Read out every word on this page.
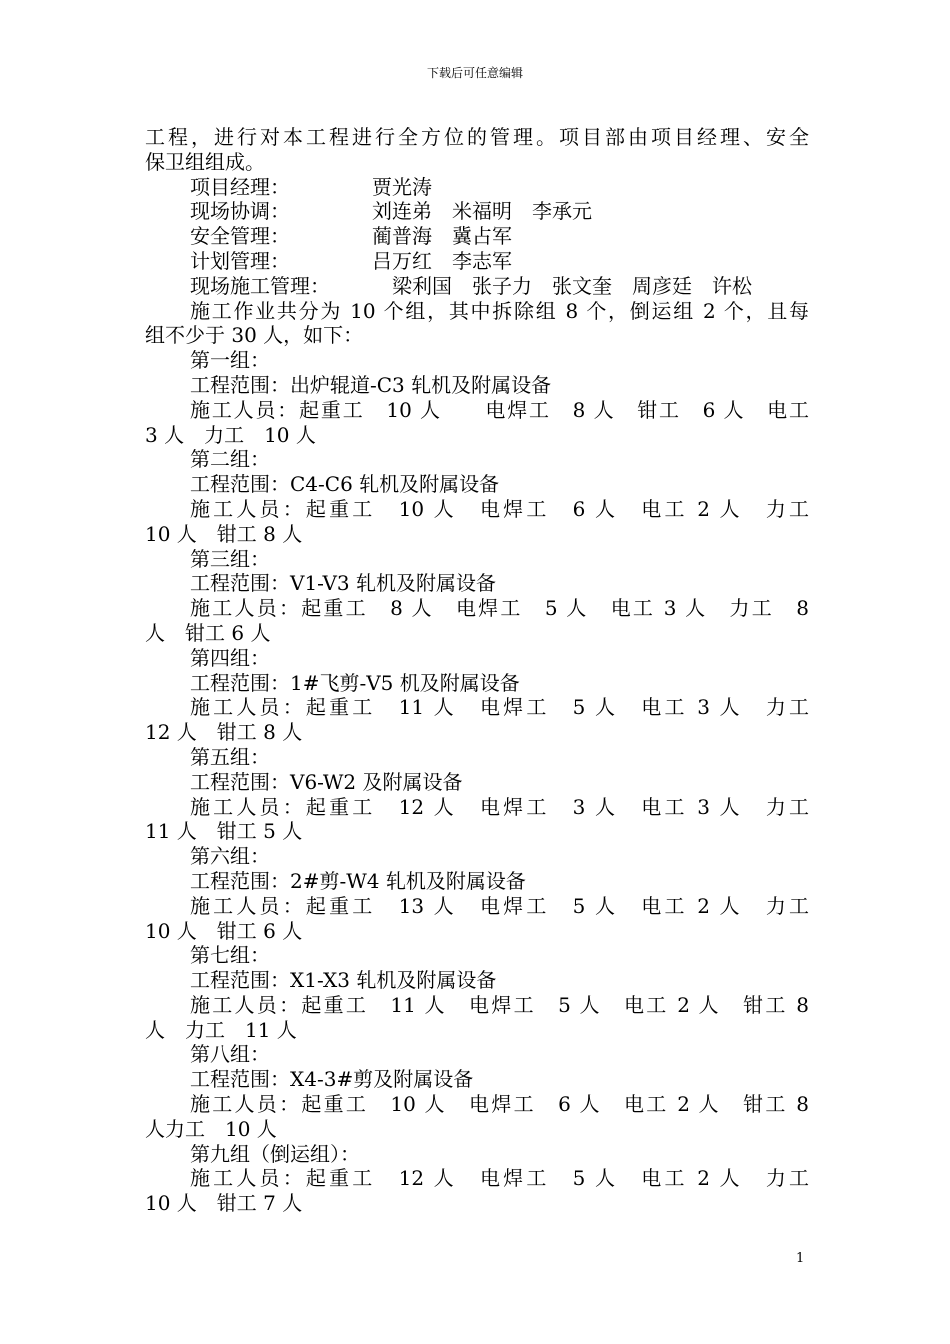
下载后可任意编辑
工程，进行对本工程进行全方位的管理。项目部由项目经理、安全
保卫组组成。
项目经理：	贾光涛
现场协调：	刘连弟　米福明　李承元
安全管理：	蔺普海　冀占军
计划管理：	吕万红　李志军
现场施工管理：	　梁利国　张子力　张文奎　周彦廷　许松
施工作业共分为 10 个组，其中拆除组 8 个，倒运组 2 个，且每
组不少于 30 人，如下：
第一组：
工程范围：出炉辊道-C3 轧机及附属设备
施工人员：起重工　10 人　　电焊工　8 人　钳工　6 人　电工
3 人　力工　10 人
第二组：
工程范围：C4-C6 轧机及附属设备
施工人员：起重工　10 人　电焊工　6 人　电工 2 人　力工
10 人　钳工 8 人
第三组：
工程范围：V1-V3 轧机及附属设备
施工人员：起重工　8 人　电焊工　5 人　电工 3 人　力工　8
人　钳工 6 人
第四组：
工程范围：1#飞剪-V5 机及附属设备
施工人员：起重工　11 人　电焊工　5 人　电工 3 人　力工
12 人　钳工 8 人
第五组：
工程范围：V6-W2 及附属设备
施工人员：起重工　12 人　电焊工　3 人　电工 3 人　力工
11 人　钳工 5 人
第六组：
工程范围：2#剪-W4 轧机及附属设备
施工人员：起重工　13 人　电焊工　5 人　电工 2 人　力工
10 人　钳工 6 人
第七组：
工程范围：X1-X3 轧机及附属设备
施工人员：起重工　11 人　电焊工　5 人　电工 2 人　钳工 8
人　力工　11 人
第八组：
工程范围：X4-3#剪及附属设备
施工人员：起重工　10 人　电焊工　6 人　电工 2 人　钳工 8
人力工　10 人
第九组（倒运组）：
施工人员：起重工　12 人　电焊工　5 人　电工 2 人　力工
10 人　钳工 7 人
1
